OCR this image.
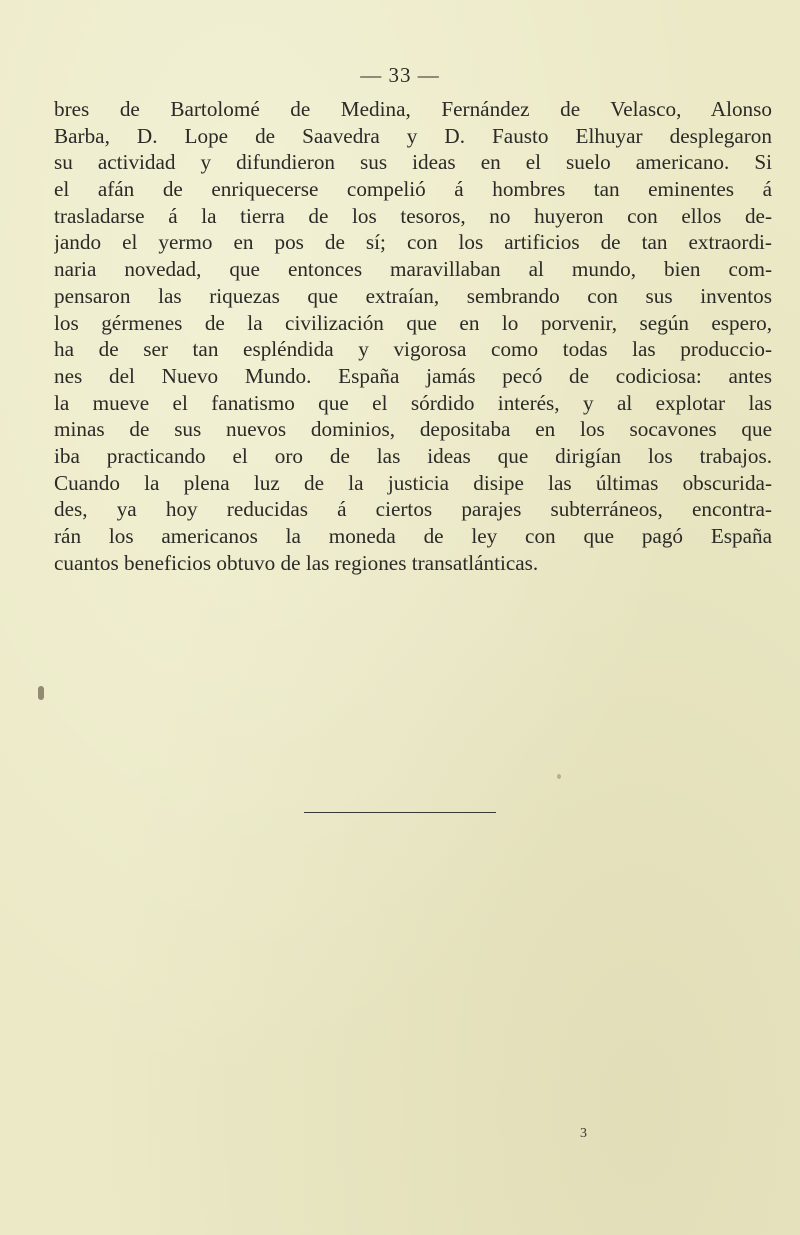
— 33 —
bres de Bartolomé de Medina, Fernández de Velasco, Alonso
Barba, D. Lope de Saavedra y D. Fausto Elhuyar desplegaron
su actividad y difundieron sus ideas en el suelo americano. Si
el afán de enriquecerse compelió á hombres tan eminentes á
trasladarse á la tierra de los tesoros, no huyeron con ellos de-
jando el yermo en pos de sí; con los artificios de tan extraordi-
naria novedad, que entonces maravillaban al mundo, bien com-
pensaron las riquezas que extraían, sembrando con sus inventos
los gérmenes de la civilización que en lo porvenir, según espero,
ha de ser tan espléndida y vigorosa como todas las produccio-
nes del Nuevo Mundo. España jamás pecó de codiciosa: antes
la mueve el fanatismo que el sórdido interés, y al explotar las
minas de sus nuevos dominios, depositaba en los socavones que
iba practicando el oro de las ideas que dirigían los trabajos.
Cuando la plena luz de la justicia disipe las últimas obscurida-
des, ya hoy reducidas á ciertos parajes subterráneos, encontra-
rán los americanos la moneda de ley con que pagó España
cuantos beneficios obtuvo de las regiones transatlánticas.
3
